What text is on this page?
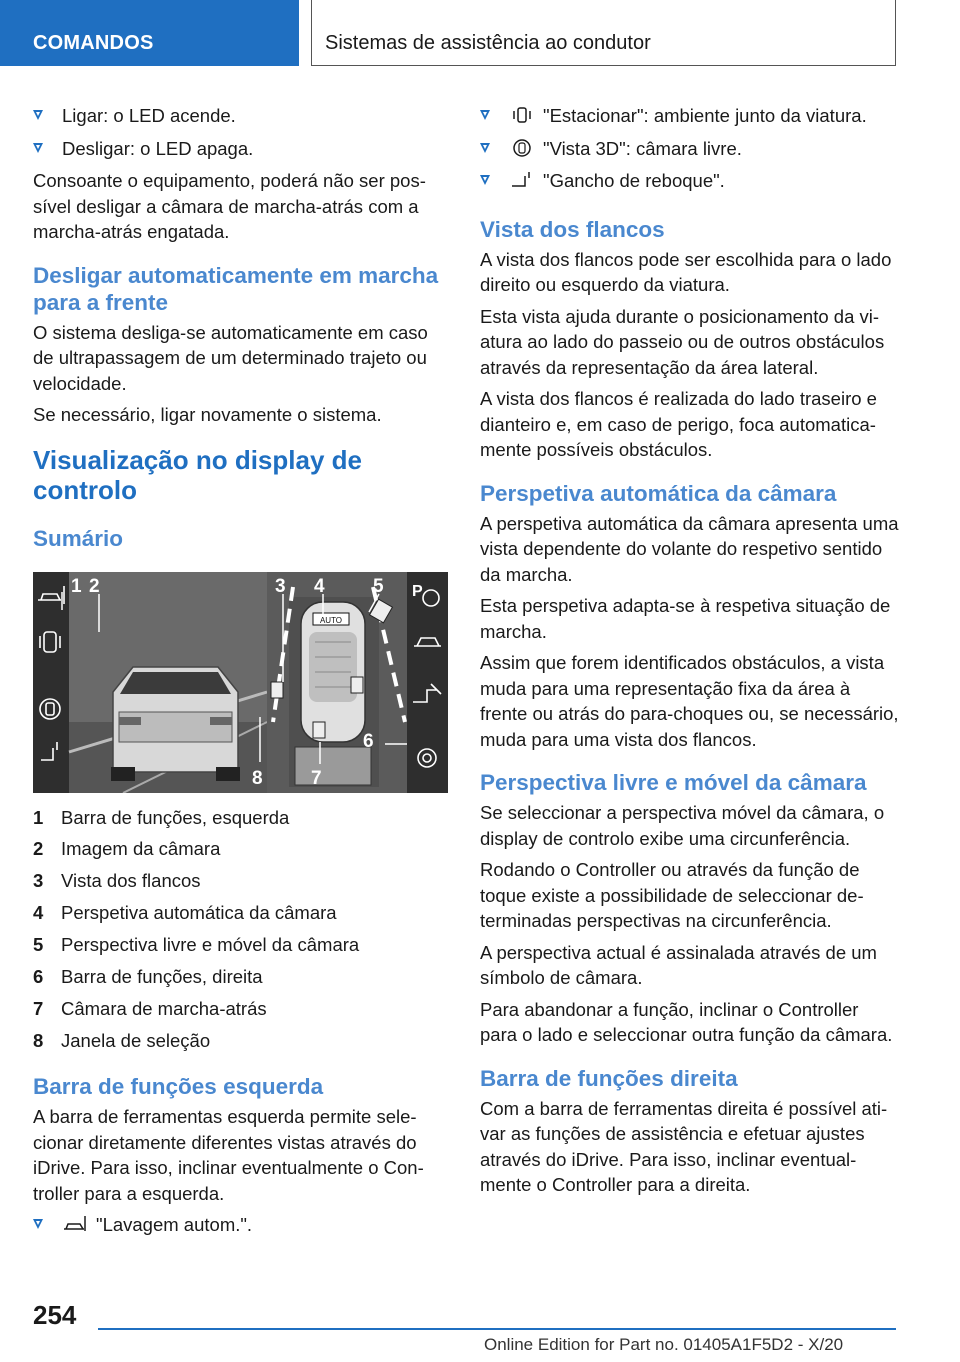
COMANDOS	Sistemas de assistência ao condutor
Ligar: o LED acende.
Desligar: o LED apaga.

Consoante o equipamento, poderá não ser possível desligar a câmara de marcha-atrás com a marcha-atrás engatada.

Desligar automaticamente em marcha para a frente

O sistema desliga-se automaticamente em caso de ultrapassagem de um determinado trajeto ou velocidade.

Se necessário, ligar novamente o sistema.

Visualização no display de controlo
Sumário
AUTO
P
1 2	3 4	5
6
7
8
1 Barra de funções, esquerda
2 Imagem da câmara
3 Vista dos flancos
4 Perspetiva automática da câmara
5 Perspectiva livre e móvel da câmara
6 Barra de funções, direita
7 Câmara de marcha-atrás
8 Janela de seleção
Barra de funções esquerda

A barra de ferramentas esquerda permite selecionar diretamente diferentes vistas através do iDrive. Para isso, inclinar eventualmente o Controller para a esquerda.

"Lavagem autom.".
"Estacionar": ambiente junto da viatura.
"Vista 3D": câmara livre.
"Gancho de reboque".
Vista dos flancos

A vista dos flancos pode ser escolhida para o lado direito ou esquerdo da viatura.

Esta vista ajuda durante o posicionamento da viatura ao lado do passeio ou de outros obstáculos através da representação da área lateral.

A vista dos flancos é realizada do lado traseiro e dianteiro e, em caso de perigo, foca automaticamente possíveis obstáculos.

Perspetiva automática da câmara

A perspetiva automática da câmara apresenta uma vista dependente do volante do respetivo sentido da marcha.

Esta perspetiva adapta-se à respetiva situação de marcha.

Assim que forem identificados obstáculos, a vista muda para uma representação fixa da área à frente ou atrás do para-choques ou, se necessário, muda para uma vista dos flancos.

Perspectiva livre e móvel da câmara

Se seleccionar a perspectiva móvel da câmara, o display de controlo exibe uma circunferência.

Rodando o Controller ou através da função de toque existe a possibilidade de seleccionar determinadas perspectivas na circunferência.

A perspectiva actual é assinalada através de um símbolo de câmara.

Para abandonar a função, inclinar o Controller para o lado e seleccionar outra função da câmara.

Barra de funções direita

Com a barra de ferramentas direita é possível ativar as funções de assistência e efetuar ajustes através do iDrive. Para isso, inclinar eventualmente o Controller para a direita.

254
Online Edition for Part no. 01405A1F5D2 - X/20
